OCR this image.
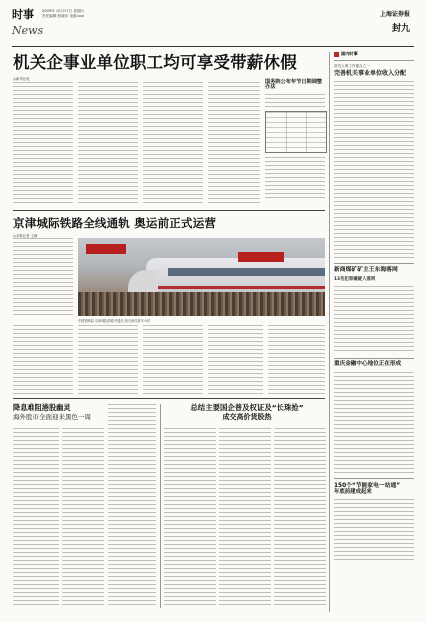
时事 2009年 10月17日 星期六
责任编辑:张晓乐 电邮:xxx
News
上海证券报
封九
机关企事业单位职工均可享受带薪休假
◎新华社电	国务院公布年节日期调整办法
京津城际铁路全线通轨 奥运前正式运营
◎本报记者 王颖
中国铁路局 京津城际铁路开通后 到天津仅需半小时
降息难阻港股幽灵
海外股市全面迎来黑色一周
总结主要国企普及权证及“长珠抢”
成交高价货股热
国内时事
讲究人事工作重点之一
完善机关事业单位收入分配
新商煤矿矿主王东海落网
13名犯罪嫌疑人落网
重庆金融中心地位正在形成
150个“节能家电一站通”
年底前建成起来
